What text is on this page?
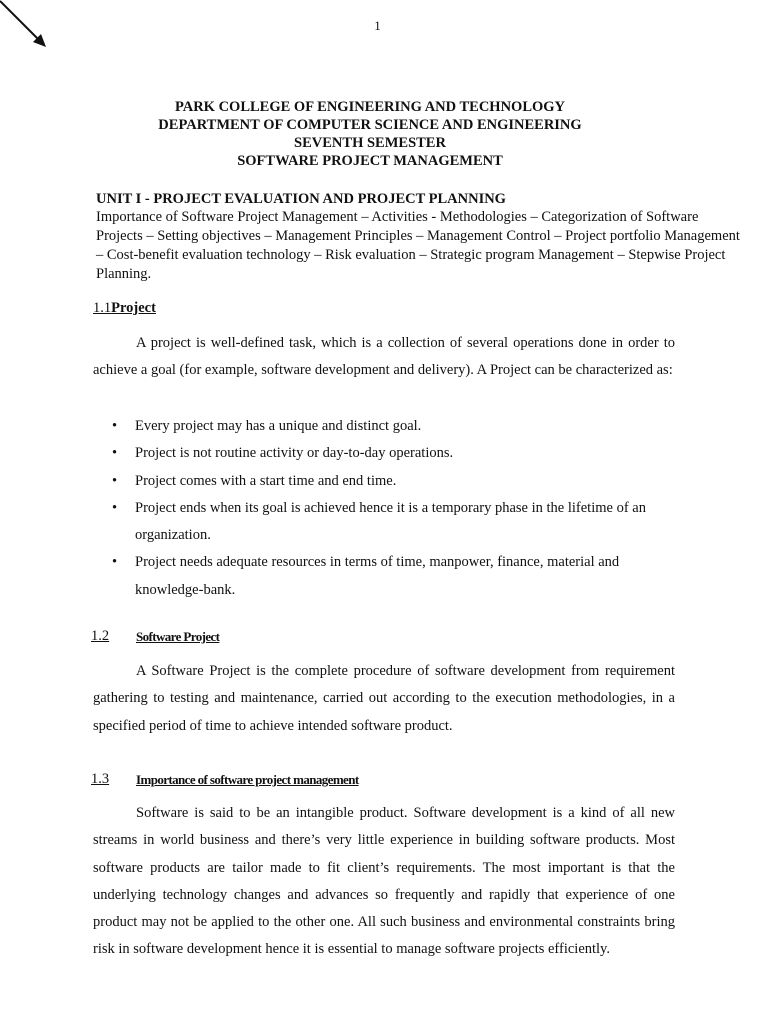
1
PARK COLLEGE OF ENGINEERING AND TECHNOLOGY
DEPARTMENT OF COMPUTER SCIENCE AND ENGINEERING
SEVENTH SEMESTER
SOFTWARE PROJECT MANAGEMENT
UNIT I - PROJECT EVALUATION AND PROJECT PLANNING
Importance of Software Project Management – Activities - Methodologies – Categorization of Software Projects – Setting objectives – Management Principles – Management Control – Project portfolio Management – Cost-benefit evaluation technology – Risk evaluation – Strategic program Management – Stepwise Project Planning.
1.1Project
A project is well-defined task, which is a collection of several operations done in order to achieve a goal (for example, software development and delivery). A Project can be characterized as:
• Every project may has a unique and distinct goal.
• Project is not routine activity or day-to-day operations.
• Project comes with a start time and end time.
• Project ends when its goal is achieved hence it is a temporary phase in the lifetime of an organization.
• Project needs adequate resources in terms of time, manpower, finance, material and knowledge-bank.
1.2 Software Project
A Software Project is the complete procedure of software development from requirement gathering to testing and maintenance, carried out according to the execution methodologies, in a specified period of time to achieve intended software product.
1.3 Importance of software project management
Software is said to be an intangible product. Software development is a kind of all new streams in world business and there’s very little experience in building software products. Most software products are tailor made to fit client’s requirements. The most important is that the underlying technology changes and advances so frequently and rapidly that experience of one product may not be applied to the other one. All such business and environmental constraints bring risk in software development hence it is essential to manage software projects efficiently.
